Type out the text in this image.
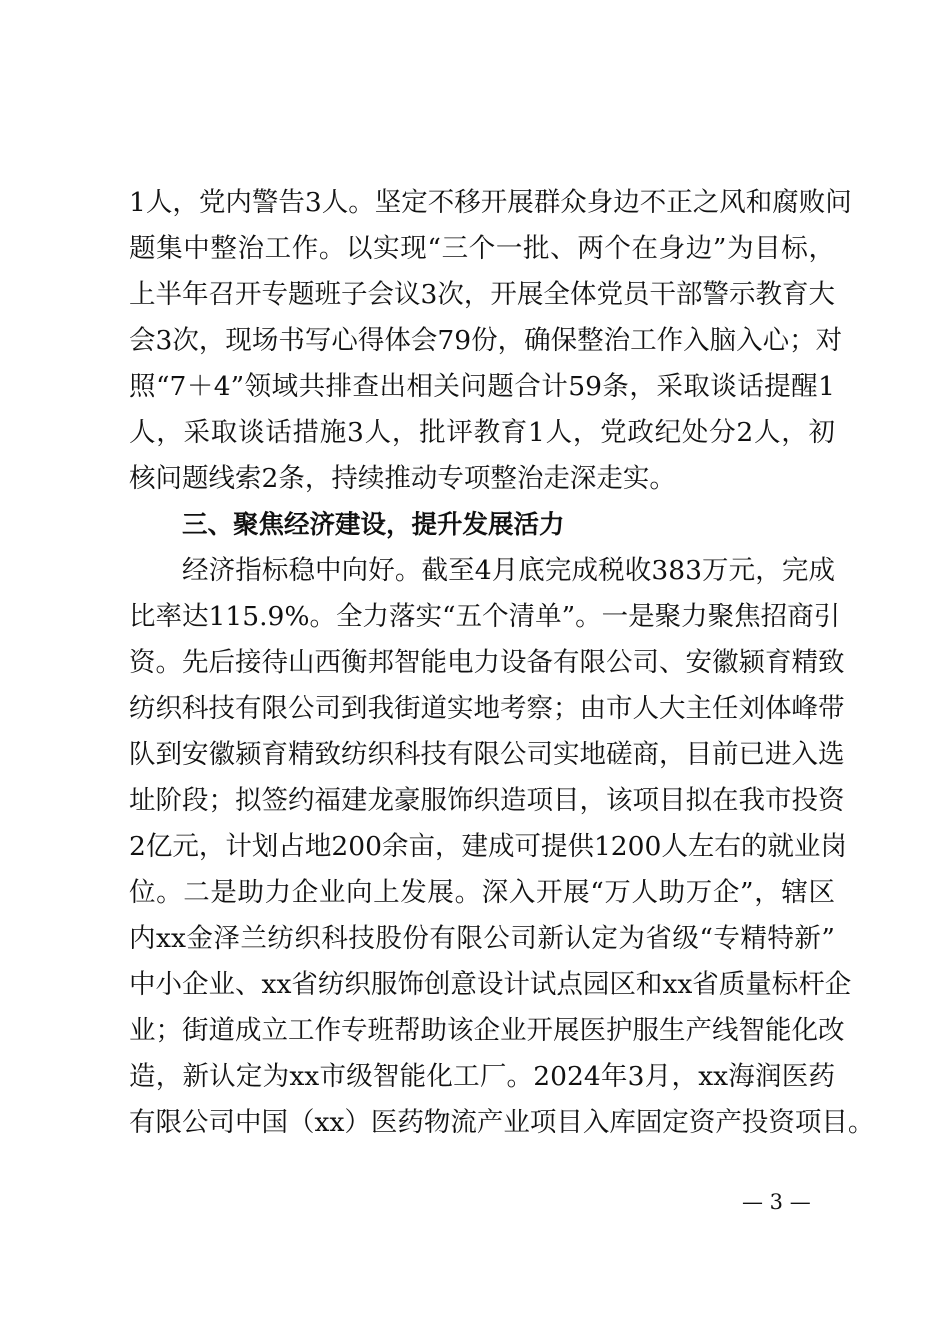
1人，党内警告3人。坚定不移开展群众身边不正之风和腐败问
题集中整治工作。以实现“三个一批、两个在身边”为目标，
上半年召开专题班子会议3次，开展全体党员干部警示教育大
会3次，现场书写心得体会79份，确保整治工作入脑入心；对
照“7＋4”领域共排查出相关问题合计59条，采取谈话提醒1
人，采取谈话措施3人，批评教育1人，党政纪处分2人，初
核问题线索2条，持续推动专项整治走深走实。
三、聚焦经济建设，提升发展活力
经济指标稳中向好。截至4月底完成税收383万元，完成
比率达115.9%。全力落实“五个清单”。一是聚力聚焦招商引
资。先后接待山西衡邦智能电力设备有限公司、安徽颍育精致
纺织科技有限公司到我街道实地考察；由市人大主任刘体峰带
队到安徽颍育精致纺织科技有限公司实地磋商，目前已进入选
址阶段；拟签约福建龙豪服饰织造项目，该项目拟在我市投资
2亿元，计划占地200余亩，建成可提供1200人左右的就业岗
位。二是助力企业向上发展。深入开展“万人助万企”，辖区
内xx金泽兰纺织科技股份有限公司新认定为省级“专精特新”
中小企业、xx省纺织服饰创意设计试点园区和xx省质量标杆企
业；街道成立工作专班帮助该企业开展医护服生产线智能化改
造，新认定为xx市级智能化工厂。2024年3月，xx海润医药
有限公司中国（xx）医药物流产业项目入库固定资产投资项目。
— 3 —
